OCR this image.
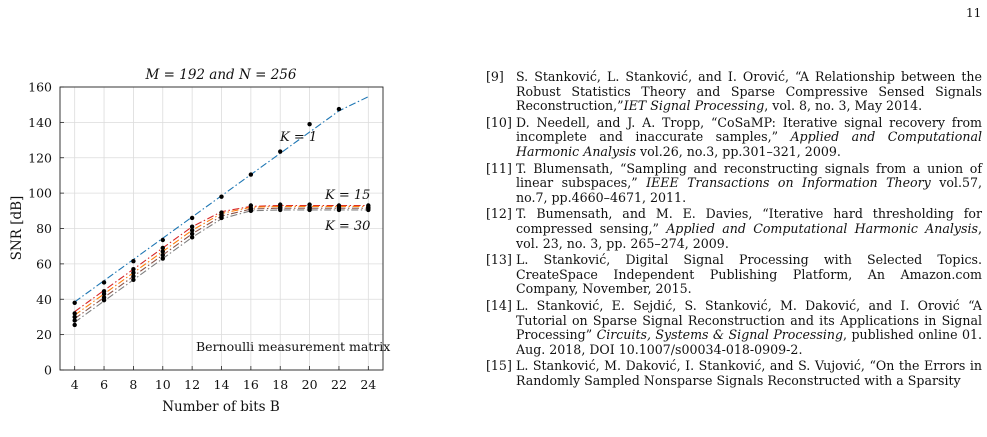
11
4 6 8 10 12 14 16 18 20 22 24
0
20
40
60
80
100
120
140
160
M = 192 and N = 256
Number of bits B
SNR [dB]
K = 1
K = 15
K = 30
Bernoulli measurement matrix
[9] S. Stanković, L. Stanković, and I. Orović, “A Relationship between the Robust Statistics Theory and Sparse Compressive Sensed Signals Reconstruction,”IET Signal Processing, vol. 8, no. 3, May 2014.
[10] D. Needell, and J. A. Tropp, “CoSaMP: Iterative signal recovery from incomplete and inaccurate samples,” Applied and Computational Harmonic Analysis vol.26, no.3, pp.301–321, 2009.
[11] T. Blumensath, “Sampling and reconstructing signals from a union of linear subspaces,” IEEE Transactions on Information Theory vol.57, no.7, pp.4660–4671, 2011.
[12] T. Bumensath, and M. E. Davies, “Iterative hard thresholding for compressed sensing,” Applied and Computational Harmonic Analysis, vol. 23, no. 3, pp. 265–274, 2009.
[13] L. Stanković, Digital Signal Processing with Selected Topics. CreateSpace Independent Publishing Platform, An Amazon.com Company, November, 2015.
[14] L. Stanković, E. Sejdić, S. Stanković, M. Daković, and I. Orović “A Tutorial on Sparse Signal Reconstruction and its Applications in Signal Processing” Circuits, Systems & Signal Processing, published online 01. Aug. 2018, DOI 10.1007/s00034-018-0909-2.
[15] L. Stanković, M. Daković, I. Stanković, and S. Vujović, “On the Errors in Randomly Sampled Nonsparse Signals Reconstructed with a Sparsity
